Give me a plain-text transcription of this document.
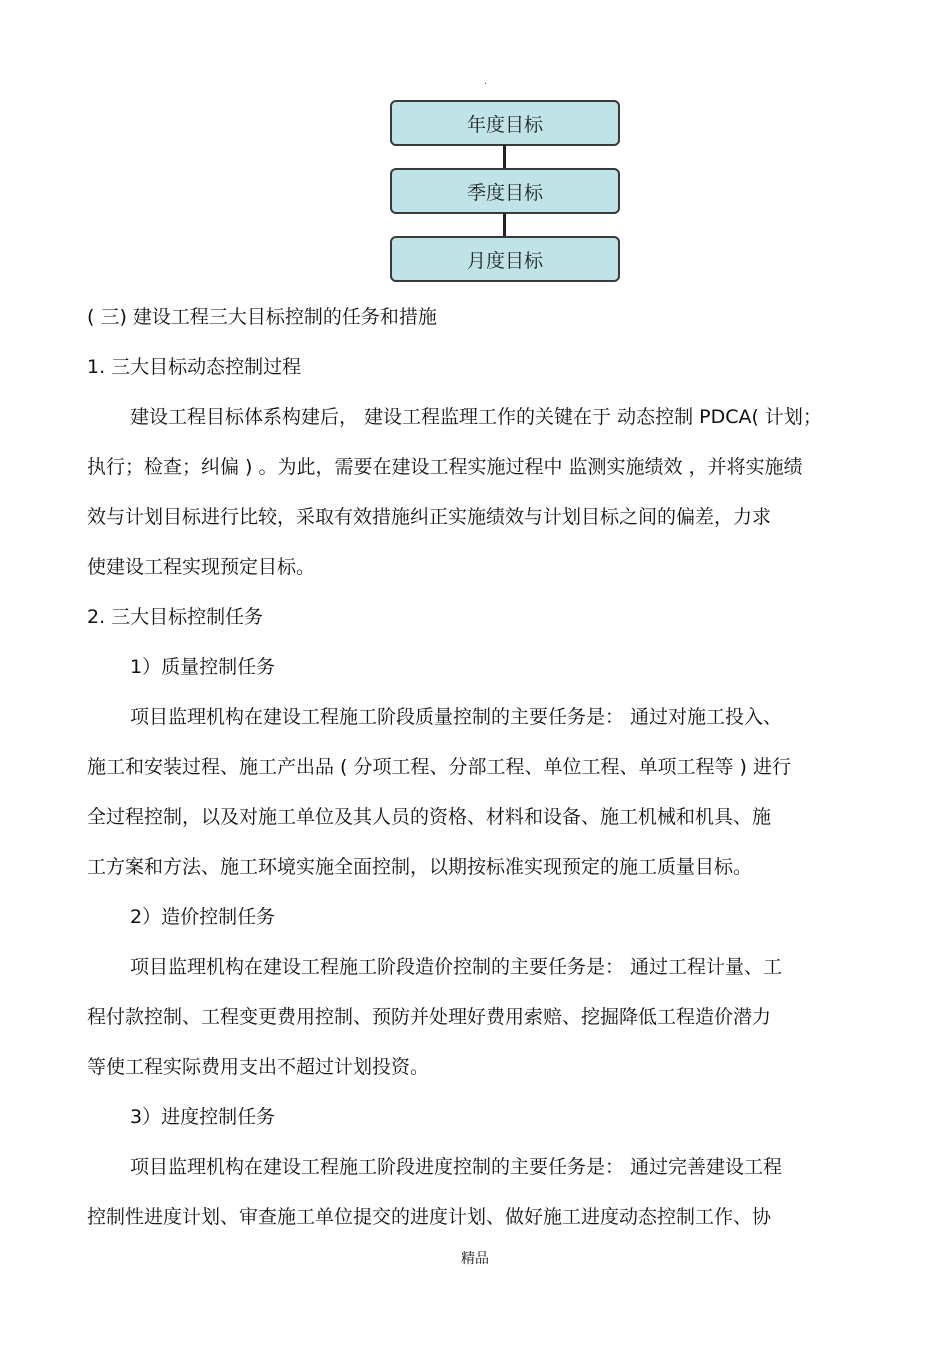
.
年度目标
季度目标
月度目标
( 三) 建设工程三大目标控制的任务和措施
1. 三大目标动态控制过程
建设工程目标体系构建后， 建设工程监理工作的关键在于 动态控制 PDCA( 计划；
执行；检查；纠偏 ) 。为此，需要在建设工程实施过程中 监测实施绩效 ，并将实施绩
效与计划目标进行比较，采取有效措施纠正实施绩效与计划目标之间的偏差，力求
使建设工程实现预定目标。
2. 三大目标控制任务
1）质量控制任务
项目监理机构在建设工程施工阶段质量控制的主要任务是： 通过对施工投入、
施工和安装过程、施工产出品 ( 分项工程、分部工程、单位工程、单项工程等 ) 进行
全过程控制，以及对施工单位及其人员的资格、材料和设备、施工机械和机具、施
工方案和方法、施工环境实施全面控制，以期按标准实现预定的施工质量目标。
2）造价控制任务
项目监理机构在建设工程施工阶段造价控制的主要任务是： 通过工程计量、工
程付款控制、工程变更费用控制、预防并处理好费用索赔、挖掘降低工程造价潜力
等使工程实际费用支出不超过计划投资。
3）进度控制任务
项目监理机构在建设工程施工阶段进度控制的主要任务是： 通过完善建设工程
控制性进度计划、审查施工单位提交的进度计划、做好施工进度动态控制工作、协
精品
